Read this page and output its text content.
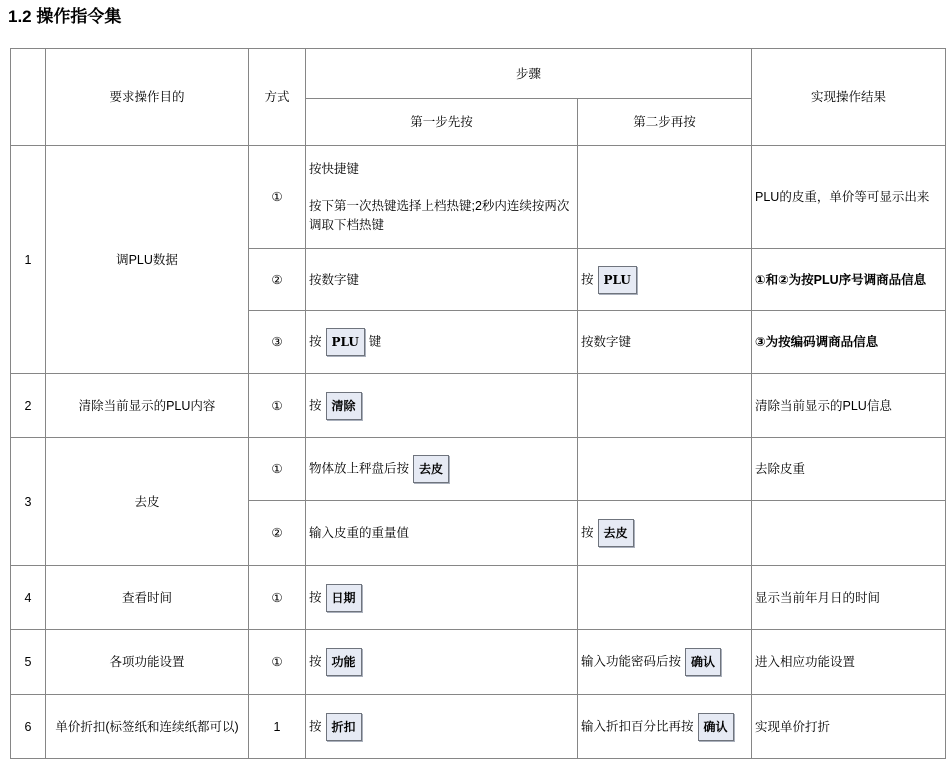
1.2 操作指令集
	要求操作目的	方式	步骤		实现操作结果
			第一步先按	第二步再按	
1	调PLU数据	①	按快捷键

按下第一次热键选择上档热键;2秒内连续按两次调取下档热键		PLU的皮重，单价等可显示出来
		②	按数字键	按 PLU	①和②为按PLU序号调商品信息
		③	按 PLU 键	按数字键	③为按编码调商品信息
2	清除当前显示的PLU内容	①	按 清除		清除当前显示的PLU信息
3	去皮	①	物体放上秤盘后按 去皮		去除皮重
		②	输入皮重的重量值	按 去皮	
4	查看时间	①	按 日期		显示当前年月日的时间
5	各项功能设置	①	按 功能	输入功能密码后按 确认	进入相应功能设置
6	单价折扣(标签纸和连续纸都可以)	1	按 折扣	输入折扣百分比再按 确认	实现单价打折
